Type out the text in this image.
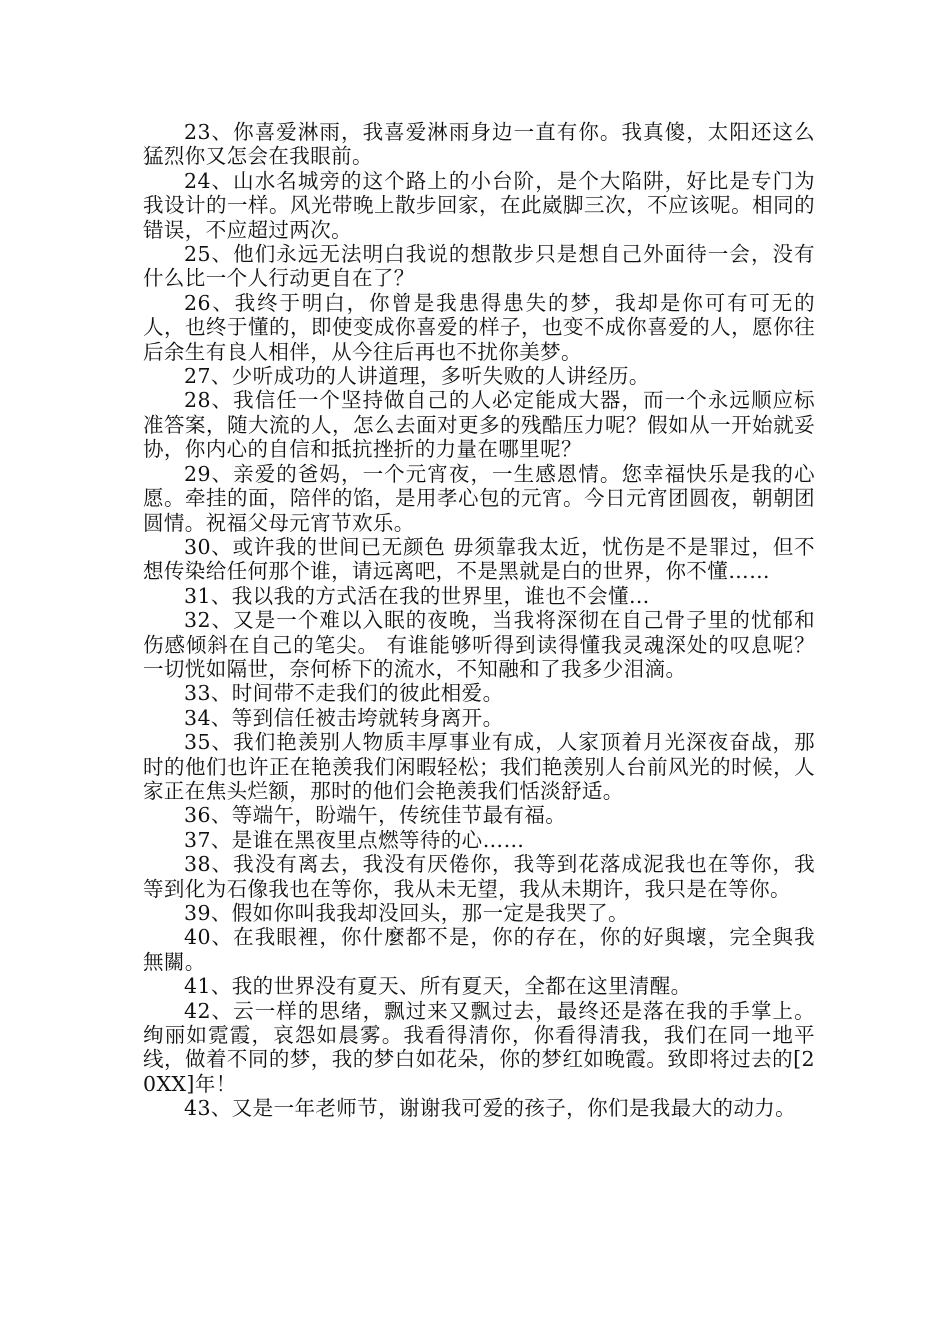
23、你喜爱淋雨，我喜爱淋雨身边一直有你。我真傻，太阳还这么猛烈你又怎会在我眼前。

24、山水名城旁的这个路上的小台阶，是个大陷阱，好比是专门为我设计的一样。风光带晚上散步回家，在此崴脚三次，不应该呢。相同的错误，不应超过两次。

25、他们永远无法明白我说的想散步只是想自己外面待一会，没有什么比一个人行动更自在了？

26、我终于明白，你曾是我患得患失的梦，我却是你可有可无的人，也终于懂的，即使变成你喜爱的样子，也变不成你喜爱的人，愿你往后余生有良人相伴，从今往后再也不扰你美梦。

27、少听成功的人讲道理，多听失败的人讲经历。

28、我信任一个坚持做自己的人必定能成大器，而一个永远顺应标准答案，随大流的人，怎么去面对更多的残酷压力呢？假如从一开始就妥协，你内心的自信和抵抗挫折的力量在哪里呢？

29、亲爱的爸妈，一个元宵夜，一生感恩情。您幸福快乐是我的心愿。牵挂的面，陪伴的馅，是用孝心包的元宵。今日元宵团圆夜，朝朝团圆情。祝福父母元宵节欢乐。

30、或许我的世间已无颜色 毋须靠我太近，忧伤是不是罪过，但不想传染给任何那个谁，请远离吧，不是黑就是白的世界，你不懂……

31、我以我的方式活在我的世界里，谁也不会懂…

32、又是一个难以入眠的夜晚，当我将深彻在自己骨子里的忧郁和伤感倾斜在自己的笔尖。 有谁能够听得到读得懂我灵魂深处的叹息呢？ 一切恍如隔世，奈何桥下的流水，不知融和了我多少泪滴。

33、时间带不走我们的彼此相爱。

34、等到信任被击垮就转身离开。

35、我们艳羡别人物质丰厚事业有成，人家顶着月光深夜奋战，那时的他们也许正在艳羡我们闲暇轻松；我们艳羡别人台前风光的时候，人家正在焦头烂额，那时的他们会艳羡我们恬淡舒适。

36、等端午，盼端午，传统佳节最有福。

37、是谁在黑夜里点燃等待的心……

38、我没有离去，我没有厌倦你，我等到花落成泥我也在等你，我等到化为石像我也在等你，我从未无望，我从未期许，我只是在等你。

39、假如你叫我我却没回头，那一定是我哭了。

40、在我眼裡，你什麼都不是，你的存在，你的好與壞，完全與我無關。

41、我的世界没有夏天、所有夏天，全都在这里清醒。

42、云一样的思绪，飘过来又飘过去，最终还是落在我的手掌上。绚丽如霓霞，哀怨如晨雾。我看得清你，你看得清我，我们在同一地平线，做着不同的梦，我的梦白如花朵，你的梦红如晚霞。致即将过去的[20XX]年！

43、又是一年老师节，谢谢我可爱的孩子，你们是我最大的动力。
